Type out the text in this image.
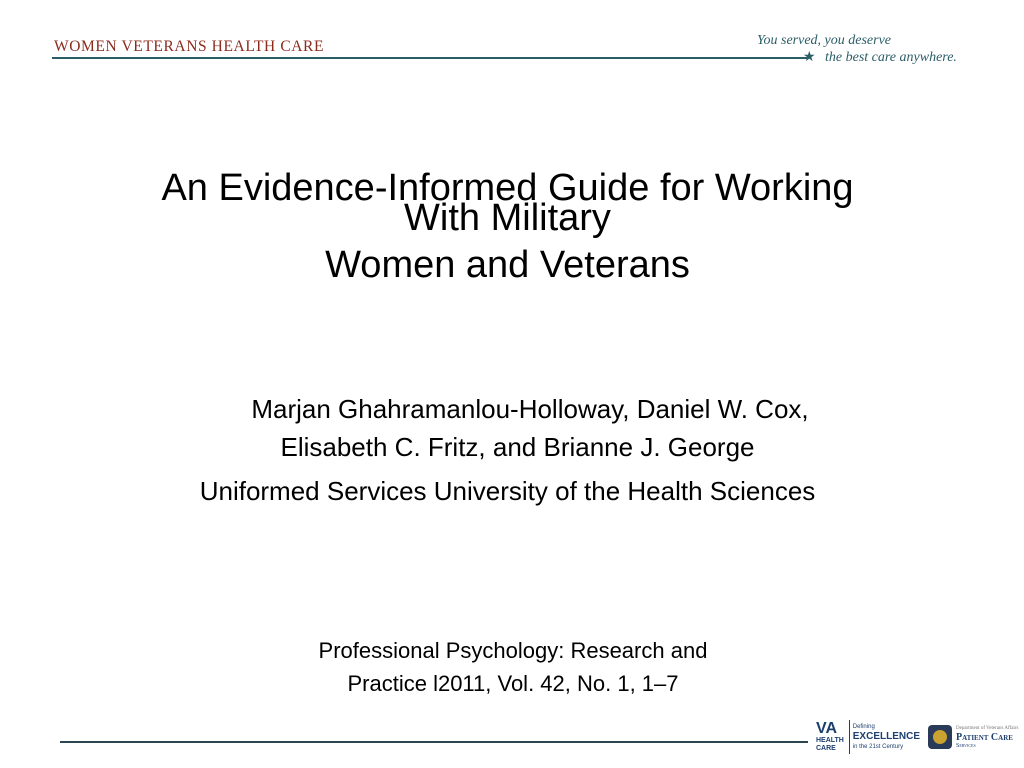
WOMEN VETERANS HEALTH CARE	You served, you deserve
★ the best care anywhere.
An Evidence-Informed Guide for Working
With Military
Women and Veterans
Marjan Ghahramanlou-Holloway, Daniel W. Cox,
Elisabeth C. Fritz, and Brianne J. George
Uniformed Services University of the Health Sciences
Professional Psychology: Research and
Practice l2011, Vol. 42, No. 1, 1–7
VA
HEALTH
CARE
Defining
EXCELLENCE
in the 21st Century
Department of Veterans Affairs
Patient Care
Services
